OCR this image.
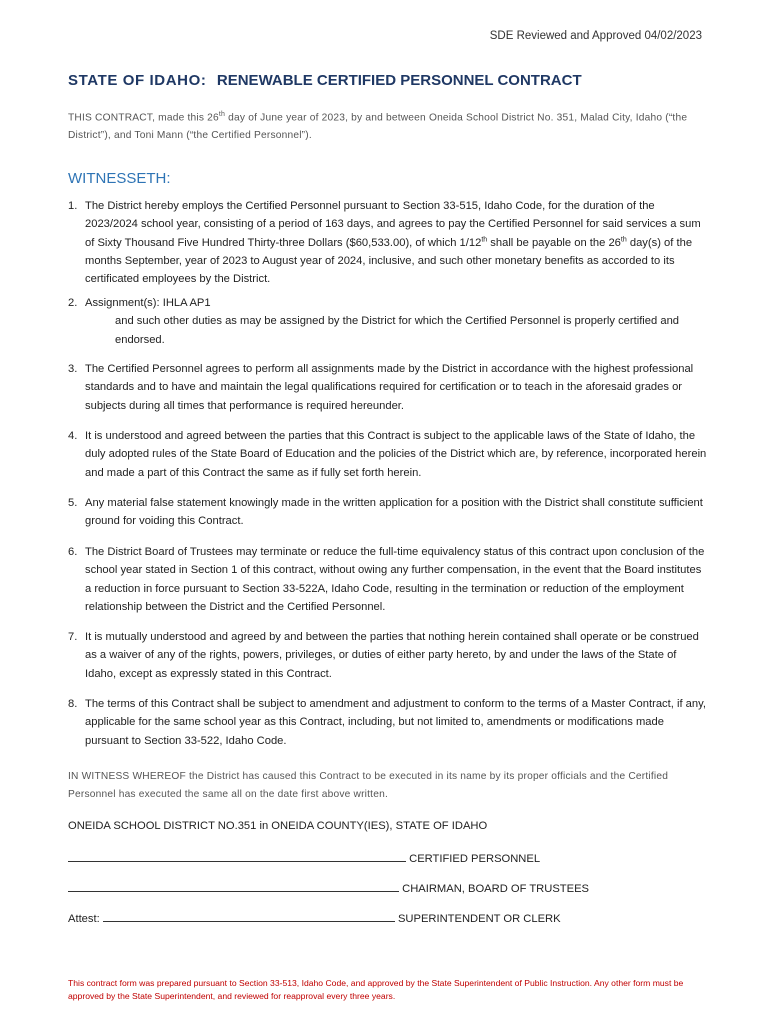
SDE Reviewed and Approved 04/02/2023
STATE OF IDAHO: RENEWABLE CERTIFIED PERSONNEL CONTRACT
THIS CONTRACT, made this 26th day of June year of 2023, by and between Oneida School District No. 351, Malad City, Idaho (“the District”), and Toni Mann (“the Certified Personnel”).
WITNESSETH:
1. The District hereby employs the Certified Personnel pursuant to Section 33-515, Idaho Code, for the duration of the 2023/2024 school year, consisting of a period of 163 days, and agrees to pay the Certified Personnel for said services a sum of Sixty Thousand Five Hundred Thirty-three Dollars ($60,533.00), of which 1/12th shall be payable on the 26th day(s) of the months September, year of 2023 to August year of 2024, inclusive, and such other monetary benefits as accorded to its certificated employees by the District.
2. Assignment(s): IHLA AP1
and such other duties as may be assigned by the District for which the Certified Personnel is properly certified and endorsed.
3. The Certified Personnel agrees to perform all assignments made by the District in accordance with the highest professional standards and to have and maintain the legal qualifications required for certification or to teach in the aforesaid grades or subjects during all times that performance is required hereunder.
4. It is understood and agreed between the parties that this Contract is subject to the applicable laws of the State of Idaho, the duly adopted rules of the State Board of Education and the policies of the District which are, by reference, incorporated herein and made a part of this Contract the same as if fully set forth herein.
5. Any material false statement knowingly made in the written application for a position with the District shall constitute sufficient ground for voiding this Contract.
6. The District Board of Trustees may terminate or reduce the full-time equivalency status of this contract upon conclusion of the school year stated in Section 1 of this contract, without owing any further compensation, in the event that the Board institutes a reduction in force pursuant to Section 33-522A, Idaho Code, resulting in the termination or reduction of the employment relationship between the District and the Certified Personnel.
7. It is mutually understood and agreed by and between the parties that nothing herein contained shall operate or be construed as a waiver of any of the rights, powers, privileges, or duties of either party hereto, by and under the laws of the State of Idaho, except as expressly stated in this Contract.
8. The terms of this Contract shall be subject to amendment and adjustment to conform to the terms of a Master Contract, if any, applicable for the same school year as this Contract, including, but not limited to, amendments or modifications made pursuant to Section 33-522, Idaho Code.
IN WITNESS WHEREOF the District has caused this Contract to be executed in its name by its proper officials and the Certified Personnel has executed the same all on the date first above written.
ONEIDA SCHOOL DISTRICT NO.351 in ONEIDA COUNTY(IES), STATE OF IDAHO
CERTIFIED PERSONNEL
CHAIRMAN, BOARD OF TRUSTEES
Attest:	SUPERINTENDENT OR CLERK
This contract form was prepared pursuant to Section 33-513, Idaho Code, and approved by the State Superintendent of Public Instruction. Any other form must be approved by the State Superintendent, and reviewed for reapproval every three years.
